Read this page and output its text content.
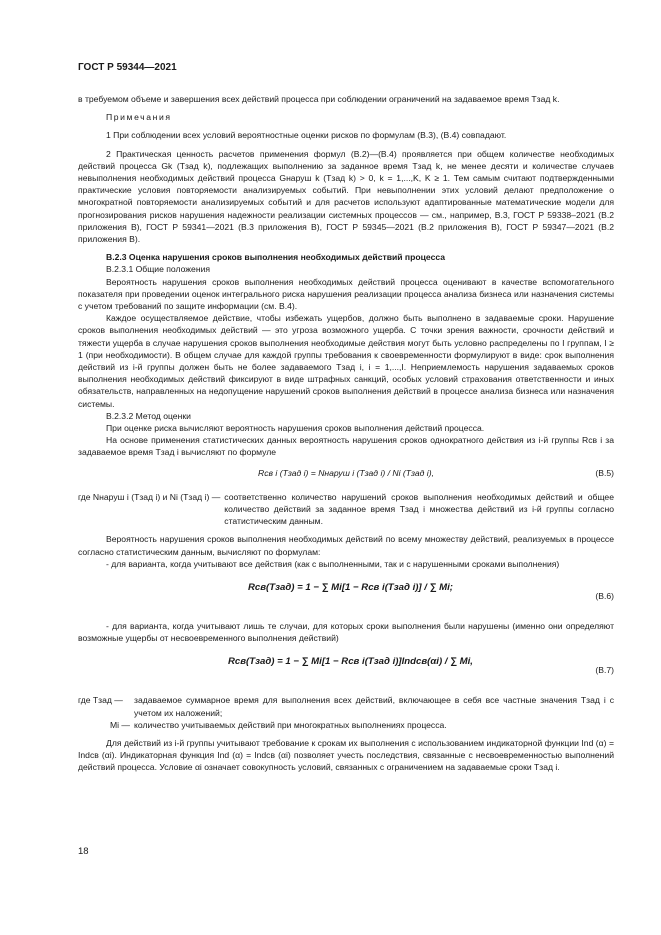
ГОСТ Р 59344—2021

в требуемом объеме и завершения всех действий процесса при соблюдении ограничений на задаваемое время Tзад k.

Примечания

1 При соблюдении всех условий вероятностные оценки рисков по формулам (В.3), (В.4) совпадают.

2 Практическая ценность расчетов применения формул (В.2)—(В.4) проявляется при общем количестве необходимых действий процесса Gk (Tзад k), подлежащих выполнению за заданное время Tзад k, не менее десяти и количестве случаев невыполнения необходимых действий процесса Gнаруш k (Tзад k) > 0, k = 1,...,K, K ≥ 1. Тем самым считают подтвержденными практические условия повторяемости анализируемых событий. При невыполнении этих условий делают предположение о многократной повторяемости анализируемых событий и для расчетов используют адаптированные математические модели для прогнозирования рисков нарушения надежности реализации системных процессов — см., например, В.3, ГОСТ Р 59338–2021 (В.2 приложения В), ГОСТ Р 59341—2021 (В.3 приложения В), ГОСТ Р 59345—2021 (В.2 приложения В), ГОСТ Р 59347—2021 (В.2 приложения В).

В.2.3 Оценка нарушения сроков выполнения необходимых действий процесса

В.2.3.1 Общие положения

Вероятность нарушения сроков выполнения необходимых действий процесса оценивают в качестве вспомогательного показателя при проведении оценок интегрального риска нарушения реализации процесса анализа бизнеса или назначения системы с учетом требований по защите информации (см. В.4).

Каждое осуществляемое действие, чтобы избежать ущербов, должно быть выполнено в задаваемые сроки. Нарушение сроков выполнения необходимых действий — это угроза возможного ущерба. С точки зрения важности, срочности действий и тяжести ущерба в случае нарушения сроков выполнения необходимые действия могут быть условно распределены по I группам, I ≥ 1 (при необходимости). В общем случае для каждой группы требования к своевременности формулируют в виде: срок выполнения действий из i-й группы должен быть не более задаваемого Tзад i, i = 1,...,I. Неприемлемость нарушения задаваемых сроков выполнения необходимых действий фиксируют в виде штрафных санкций, особых условий страхования ответственности и иных обязательств, направленных на недопущение нарушений сроков выполнения действий в процессе анализа бизнеса или назначения системы.

В.2.3.2 Метод оценки

При оценке риска вычисляют вероятность нарушения сроков выполнения действий процесса.

На основе применения статистических данных вероятность нарушения сроков однократного действия из i-й группы Rсв i за задаваемое время Tзад i вычисляют по формуле

Rсв i (Tзад i) = Nнаруш i (Tзад i) / Ni (Tзад i),	(В.5)
где Nнаруш i (Tзад i) и Ni (Tзад i) — соответственно количество нарушений сроков выполнения необходимых действий и общее количество действий за заданное время Tзад i множества действий из i-й группы согласно статистическим данным.

Вероятность нарушения сроков выполнения необходимых действий по всему множеству действий, реализуемых в процессе согласно статистическим данным, вычисляют по формулам:

- для варианта, когда учитывают все действия (как с выполненными, так и с нарушенными сроками выполнения)

Rсв(Tзад) = 1 − ∑ Mi[1 − Rсв i(Tзад i)] / ∑ Mi;
(В.6)

- для варианта, когда учитывают лишь те случаи, для которых сроки выполнения были нарушены (именно они определяют возможные ущербы от несвоевременного выполнения действий)

Rсв(Tзад) = 1 − ∑ Mi[1 − Rсв i(Tзад i)]Indсв(αi) / ∑ Mi,
(В.7)
где Tзад —	задаваемое суммарное время для выполнения всех действий, включающее в себя все частные значения Tзад i с учетом их наложений;
Mi — количество учитываемых действий при многократных выполнениях процесса.

Для действий из i-й группы учитывают требование к срокам их выполнения с использованием индикаторной функции Ind (α) = Indсв (αi). Индикаторная функция Ind (α) = Indсв (αi) позволяет учесть последствия, связанные с несвоевременностью выполнений действий процесса. Условие αi означает совокупность условий, связанных с ограничением на задаваемые сроки Tзад i.

18
